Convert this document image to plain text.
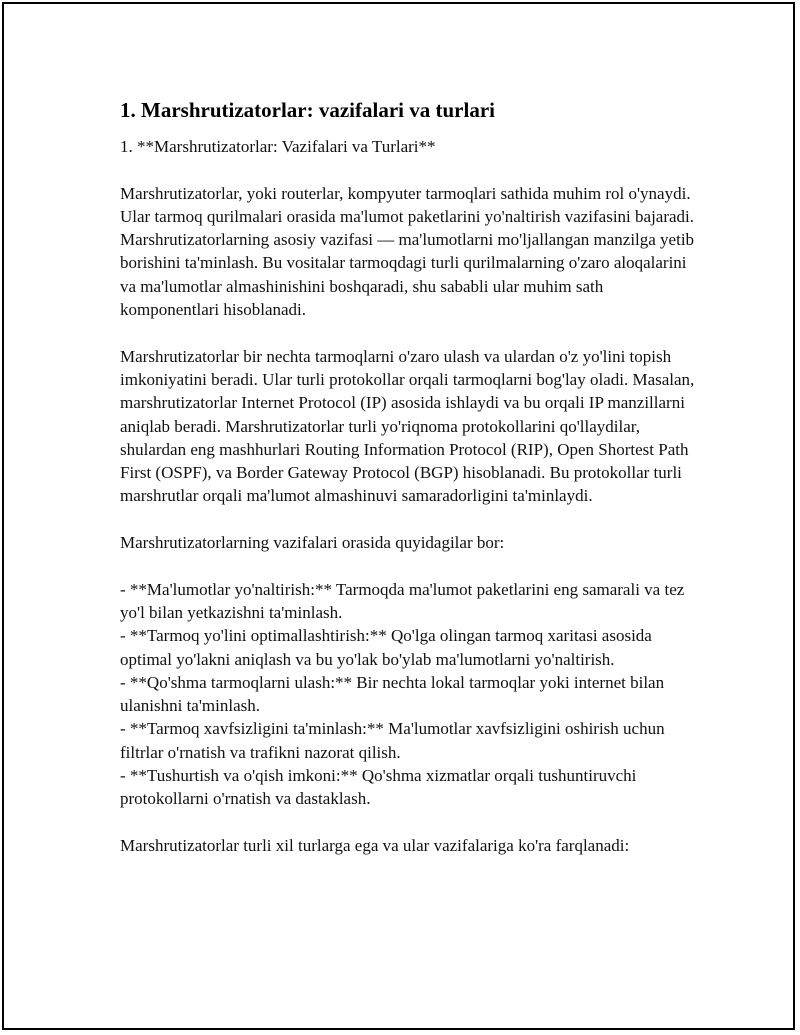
1. Marshrutizatorlar: vazifalari va turlari
1. **Marshrutizatorlar: Vazifalari va Turlari**
Marshrutizatorlar, yoki routerlar, kompyuter tarmoqlari sathida muhim rol o'ynaydi. Ular tarmoq qurilmalari orasida ma'lumot paketlarini yo'naltirish vazifasini bajaradi. Marshrutizatorlarning asosiy vazifasi — ma'lumotlarni mo'ljallangan manzilga yetib borishini ta'minlash. Bu vositalar tarmoqdagi turli qurilmalarning o'zaro aloqalarini va ma'lumotlar almashinishini boshqaradi, shu sababli ular muhim sath komponentlari hisoblanadi.
Marshrutizatorlar bir nechta tarmoqlarni o'zaro ulash va ulardan o'z yo'lini topish imkoniyatini beradi. Ular turli protokollar orqali tarmoqlarni bog'lay oladi. Masalan, marshrutizatorlar Internet Protocol (IP) asosida ishlaydi va bu orqali IP manzillarni aniqlab beradi. Marshrutizatorlar turli yo'riqnoma protokollarini qo'llaydilar, shulardan eng mashhurlari Routing Information Protocol (RIP), Open Shortest Path First (OSPF), va Border Gateway Protocol (BGP) hisoblanadi. Bu protokollar turli marshrutlar orqali ma'lumot almashinuvi samaradorligini ta'minlaydi.
Marshrutizatorlarning vazifalari orasida quyidagilar bor:
- **Ma'lumotlar yo'naltirish:** Tarmoqda ma'lumot paketlarini eng samarali va tez yo'l bilan yetkazishni ta'minlash.
- **Tarmoq yo'lini optimallashtirish:** Qo'lga olingan tarmoq xaritasi asosida optimal yo'lakni aniqlash va bu yo'lak bo'ylab ma'lumotlarni yo'naltirish.
- **Qo'shma tarmoqlarni ulash:** Bir nechta lokal tarmoqlar yoki internet bilan ulanishni ta'minlash.
- **Tarmoq xavfsizligini ta'minlash:** Ma'lumotlar xavfsizligini oshirish uchun filtrlar o'rnatish va trafikni nazorat qilish.
- **Tushurtish va o'qish imkoni:** Qo'shma xizmatlar orqali tushuntiruvchi protokollarni o'rnatish va dastaklash.
Marshrutizatorlar turli xil turlarga ega va ular vazifalariga ko'ra farqlanadi:
